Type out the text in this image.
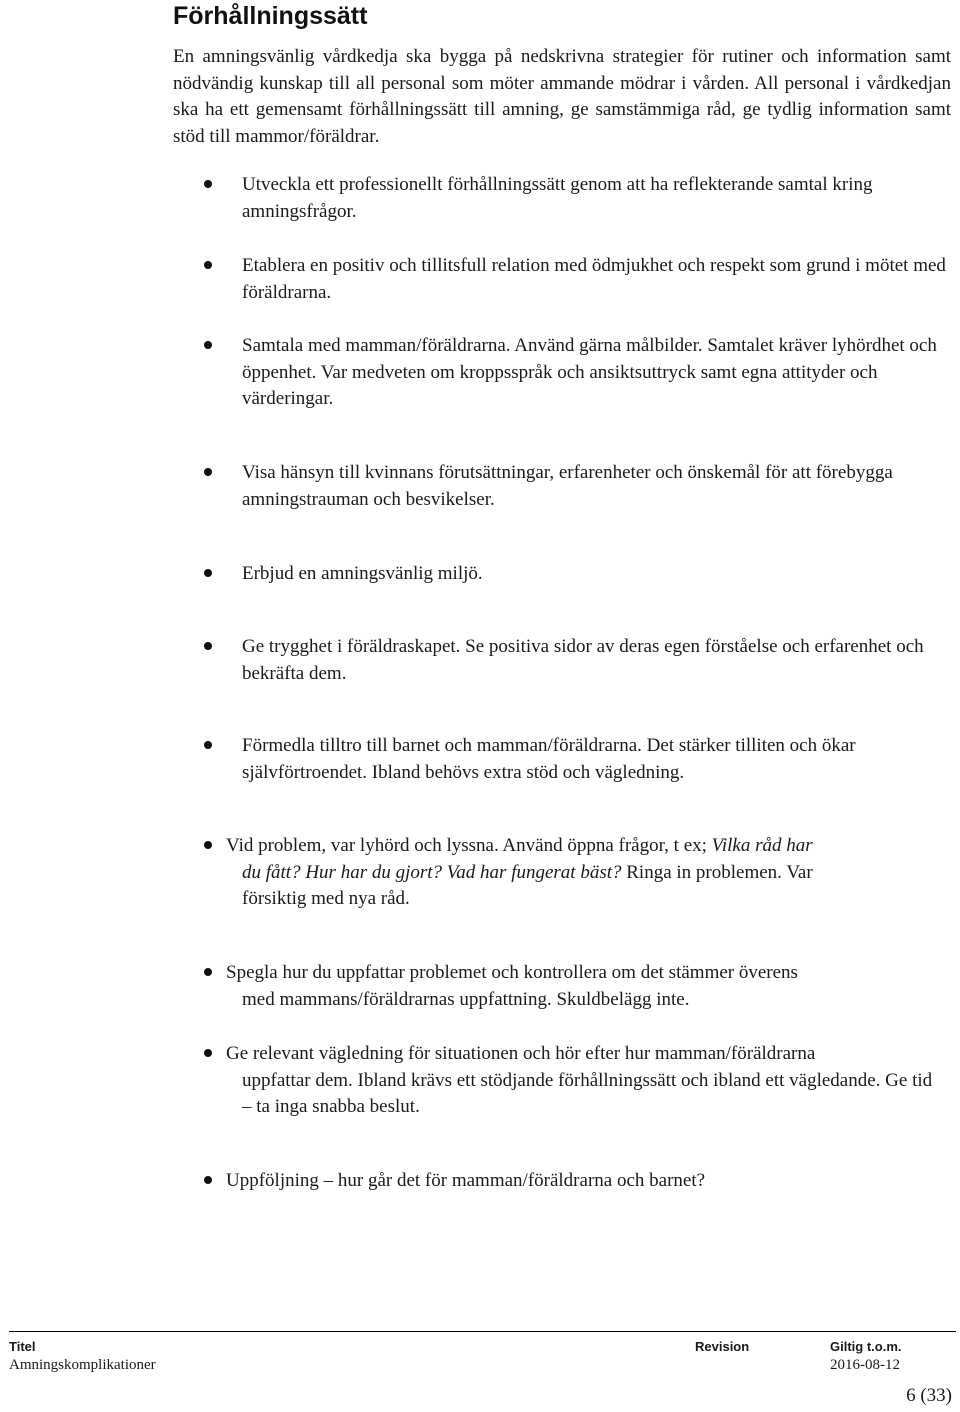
Förhållningssätt

En amningsvänlig vårdkedja ska bygga på nedskrivna strategier för rutiner och information samt nödvändig kunskap till all personal som möter ammande mödrar i vården. All personal i vårdkedjan ska ha ett gemensamt förhållningssätt till amning, ge samstämmiga råd, ge tydlig information samt stöd till mammor/föräldrar.

Utveckla ett professionellt förhållningssätt genom att ha reflekterande samtal kring amningsfrågor.

Etablera en positiv och tillitsfull relation med ödmjukhet och respekt som grund i mötet med föräldrarna.

Samtala med mamman/föräldrarna. Använd gärna målbilder. Samtalet kräver lyhördhet och öppenhet. Var medveten om kroppsspråk och ansiktsuttryck samt egna attityder och värderingar.

Visa hänsyn till kvinnans förutsättningar, erfarenheter och önskemål för att förebygga amningstrauman och besvikelser.

Erbjud en amningsvänlig miljö.

Ge trygghet i föräldraskapet. Se positiva sidor av deras egen förståelse och erfarenhet och bekräfta dem.

Förmedla tilltro till barnet och mamman/föräldrarna. Det stärker tilliten och ökar självförtroendet. Ibland behövs extra stöd och vägledning.

Vid problem, var lyhörd och lyssna. Använd öppna frågor, t ex; Vilka råd har
du fått? Hur har du gjort? Vad har fungerat bäst? Ringa in problemen. Var
försiktig med nya råd.

Spegla hur du uppfattar problemet och kontrollera om det stämmer överens
med mammans/föräldrarnas uppfattning. Skuldbelägg inte.

Ge relevant vägledning för situationen och hör efter hur mamman/föräldrarna
uppfattar dem. Ibland krävs ett stödjande förhållningssätt och ibland ett vägledande. Ge tid – ta inga snabba beslut.

Uppföljning – hur går det för mamman/föräldrarna och barnet?

Titel
Amningskomplikationer
Revision	Giltig t.o.m.
2016-08-12

6 (33)
